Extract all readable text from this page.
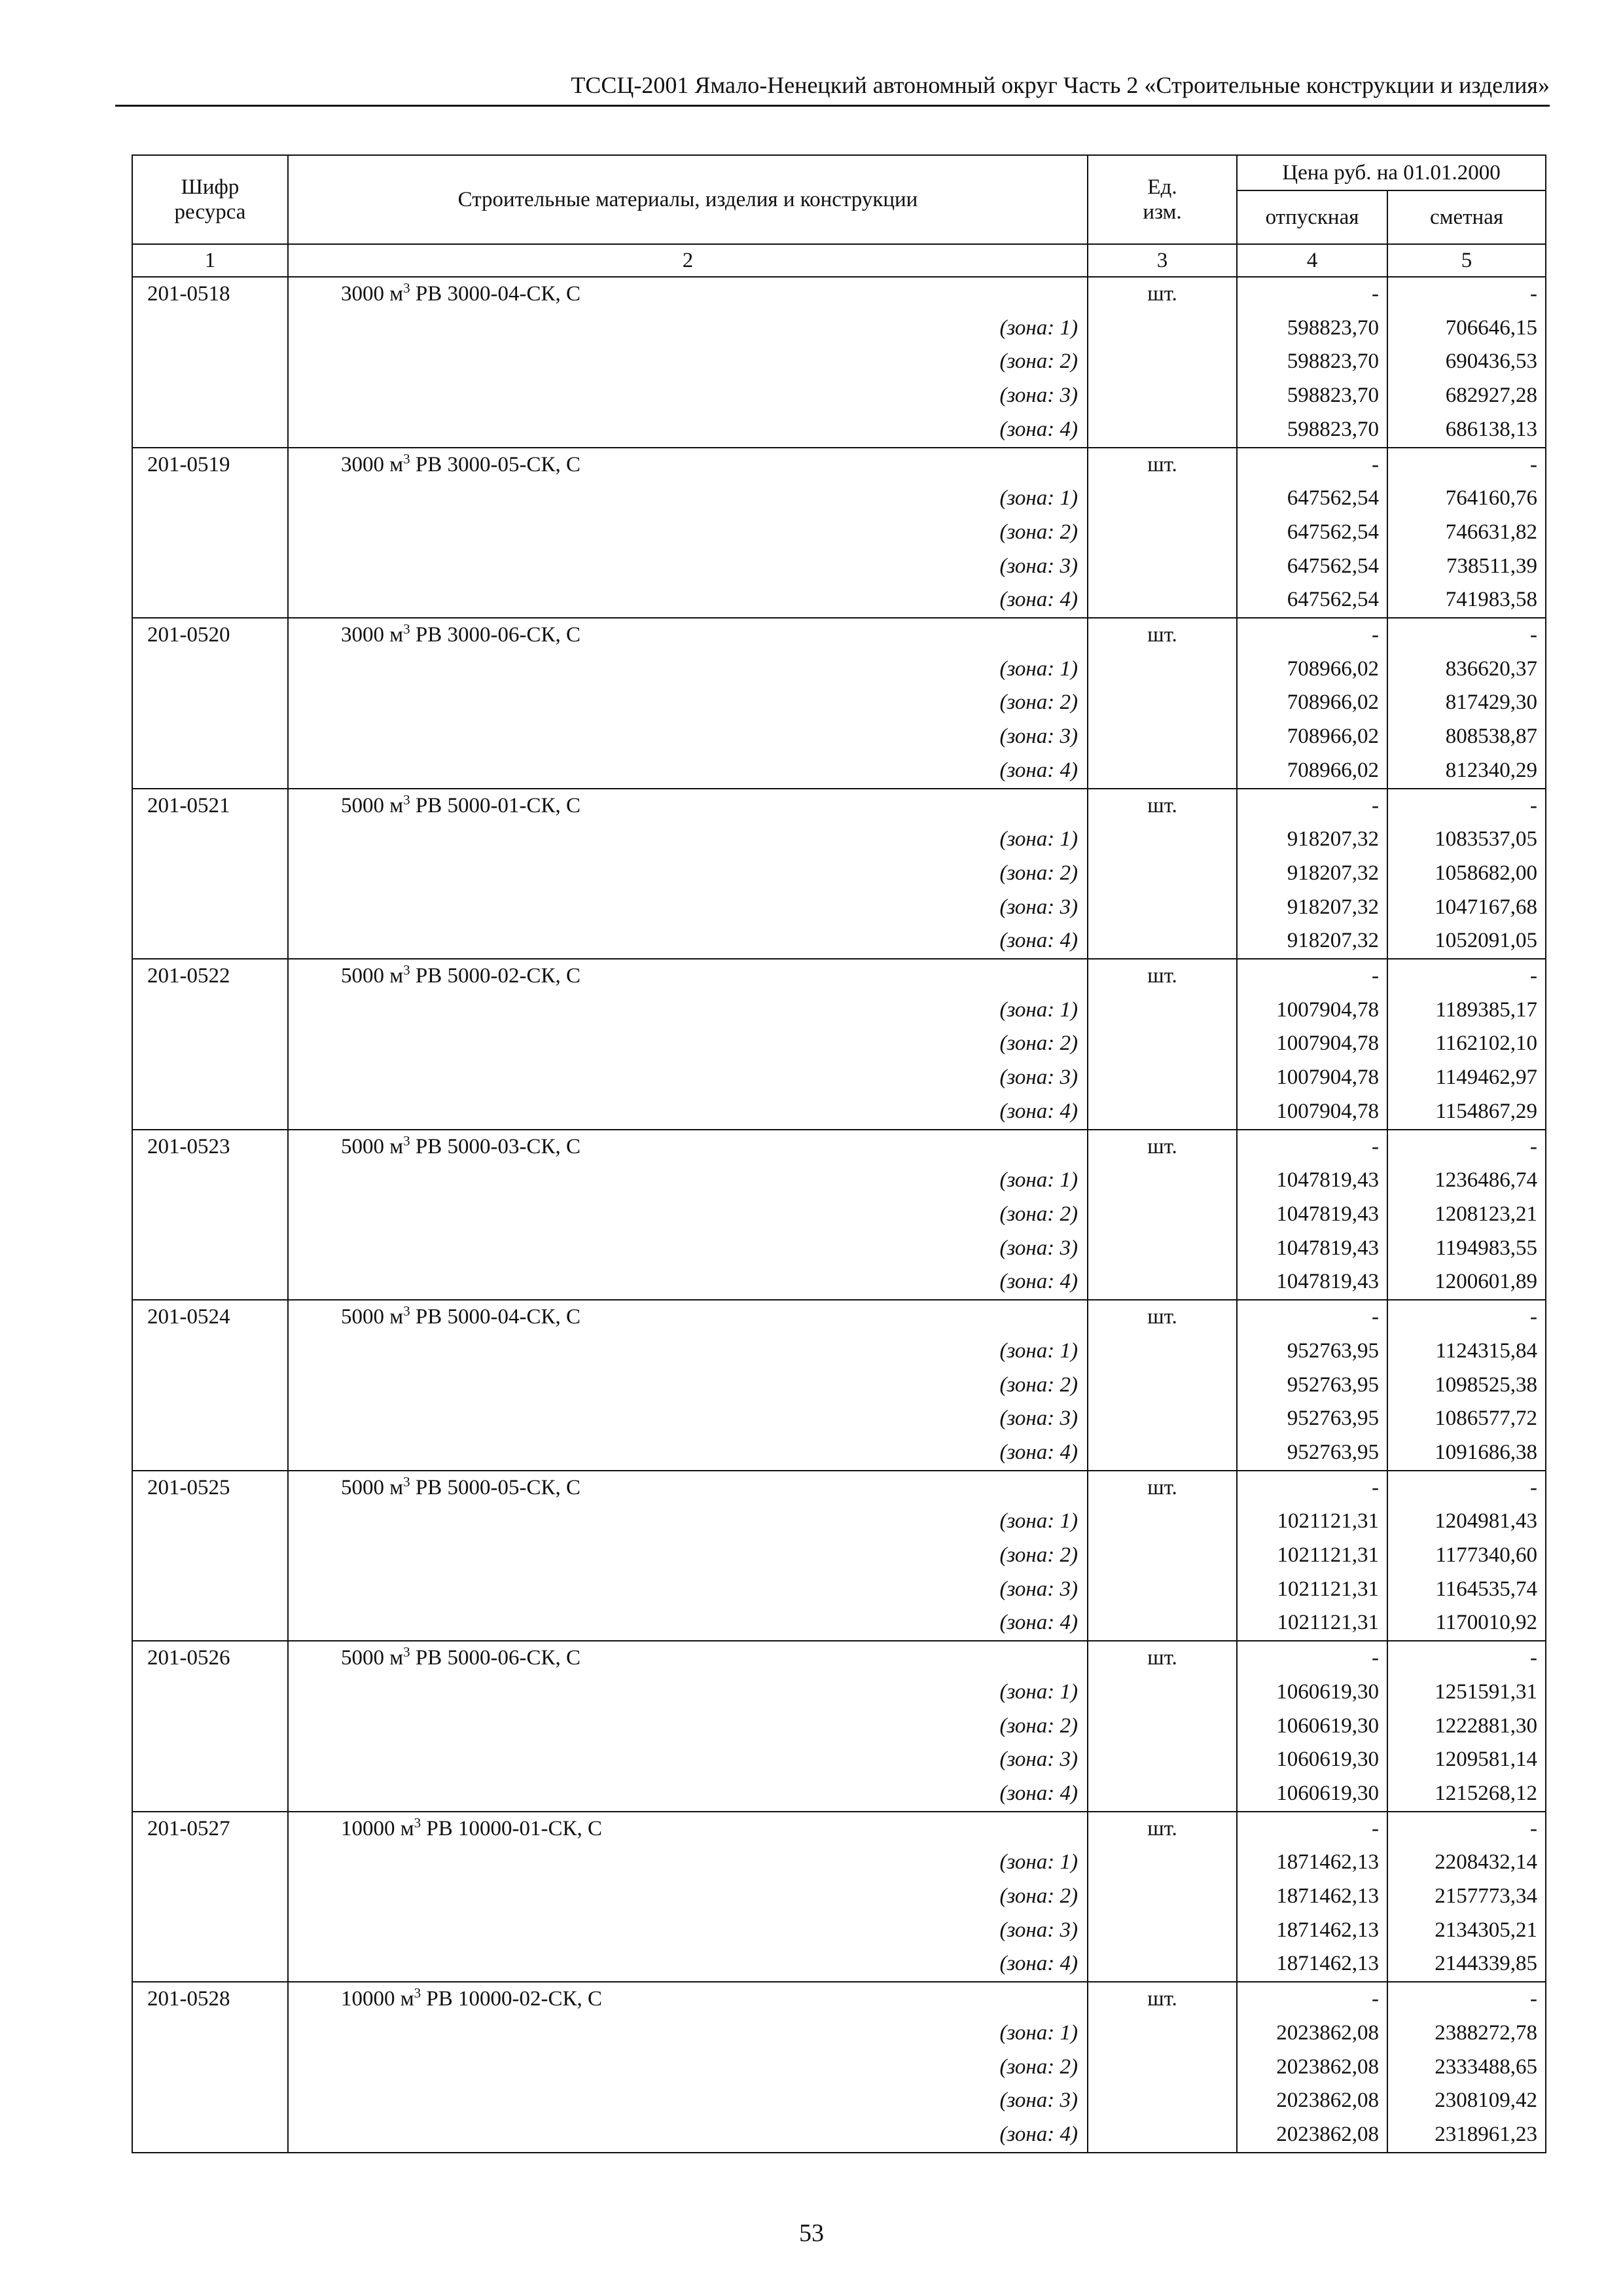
ТССЦ-2001 Ямало-Ненецкий автономный округ Часть 2 «Строительные конструкции и изделия»
Шифр ресурса	Строительные материалы, изделия и конструкции	Ед. изм.	Цена руб. на 01.01.2000	
			отпускная	сметная
1	2	3	4	5
201-0518	3000 $м^3$ РВ 3000-04-СК, С	шт.	-	-
	(зона: 1)		598823,70	706646,15
	(зона: 2)		598823,70	690436,53
	(зона: 3)		598823,70	682927,28
	(зона: 4)		598823,70	686138,13
201-0519	3000 $м^3$ РВ 3000-05-СК, С	шт.	-	-
	(зона: 1)		647562,54	764160,76
	(зона: 2)		647562,54	746631,82
	(зона: 3)		647562,54	738511,39
	(зона: 4)		647562,54	741983,58
201-0520	3000 $м^3$ РВ 3000-06-СК, С	шт.	-	-
	(зона: 1)		708966,02	836620,37
	(зона: 2)		708966,02	817429,30
	(зона: 3)		708966,02	808538,87
	(зона: 4)		708966,02	812340,29
201-0521	5000 $м^3$ РВ 5000-01-СК, С	шт.	-	-
	(зона: 1)		918207,32	1083537,05
	(зона: 2)		918207,32	1058682,00
	(зона: 3)		918207,32	1047167,68
	(зона: 4)		918207,32	1052091,05
201-0522	5000 $м^3$ РВ 5000-02-СК, С	шт.	-	-
	(зона: 1)		1007904,78	1189385,17
	(зона: 2)		1007904,78	1162102,10
	(зона: 3)		1007904,78	1149462,97
	(зона: 4)		1007904,78	1154867,29
201-0523	5000 $м^3$ РВ 5000-03-СК, С	шт.	-	-
	(зона: 1)		1047819,43	1236486,74
	(зона: 2)		1047819,43	1208123,21
	(зона: 3)		1047819,43	1194983,55
	(зона: 4)		1047819,43	1200601,89
201-0524	5000 $м^3$ РВ 5000-04-СК, С	шт.	-	-
	(зона: 1)		952763,95	1124315,84
	(зона: 2)		952763,95	1098525,38
	(зона: 3)		952763,95	1086577,72
	(зона: 4)		952763,95	1091686,38
201-0525	5000 $м^3$ РВ 5000-05-СК, С	шт.	-	-
	(зона: 1)		1021121,31	1204981,43
	(зона: 2)		1021121,31	1177340,60
	(зона: 3)		1021121,31	1164535,74
	(зона: 4)		1021121,31	1170010,92
201-0526	5000 $м^3$ РВ 5000-06-СК, С	шт.	-	-
	(зона: 1)		1060619,30	1251591,31
	(зона: 2)		1060619,30	1222881,30
	(зона: 3)		1060619,30	1209581,14
	(зона: 4)		1060619,30	1215268,12
201-0527	10000 $м^3$ РВ 10000-01-СК, С	шт.	-	-
	(зона: 1)		1871462,13	2208432,14
	(зона: 2)		1871462,13	2157773,34
	(зона: 3)		1871462,13	2134305,21
	(зона: 4)		1871462,13	2144339,85
201-0528	10000 $м^3$ РВ 10000-02-СК, С	шт.	-	-
	(зона: 1)		2023862,08	2388272,78
	(зона: 2)		2023862,08	2333488,65
	(зона: 3)		2023862,08	2308109,42
	(зона: 4)		2023862,08	2318961,23
53
